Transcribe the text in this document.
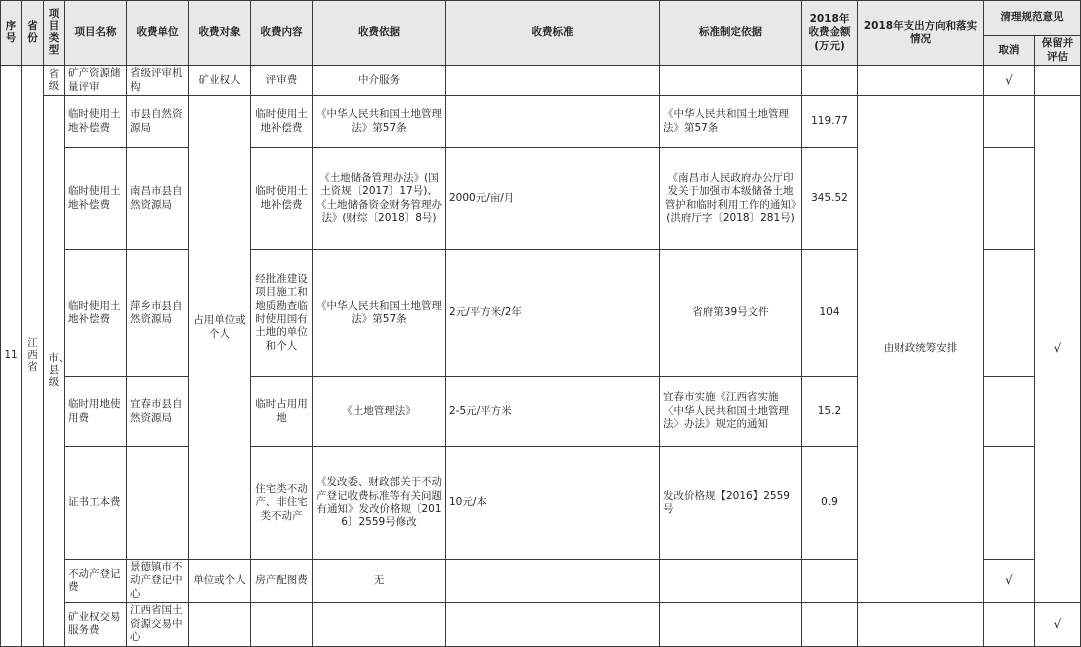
序号	省份	项目类型	项目名称	收费单位	收费对象	收费内容	收费依据	收费标准	标准制定依据	2018年收费金额(万元)	2018年支出方向和落实情况	清理规范意见	
												取消	保留并评估
11	江西省	省级	矿产资源储量评审	省级评审机构	矿业权人	评审费	中介服务					√	
		市、县级	临时使用土地补偿费	市县自然资源局	占用单位或个人	临时使用土地补偿费	《中华人民共和国土地管理法》第57条		《中华人民共和国土地管理法》第57条	119.77	由财政统筹安排		√
			临时使用土地补偿费	南昌市县自然资源局		临时使用土地补偿费	《土地储备管理办法》(国土资规〔2017〕17号)、《土地储备资金财务管理办法》(财综〔2018〕8号)	2000元/亩/月	《南昌市人民政府办公厅印发关于加强市本级储备土地管护和临时利用工作的通知》(洪府厅字〔2018〕281号)	345.52			
			临时使用土地补偿费	萍乡市县自然资源局		经批准建设项目施工和地质勘查临时使用国有土地的单位和个人	《中华人民共和国土地管理法》第57条	2元/平方米/2年	省府第39号文件	104			
			临时用地使用费	宜春市县自然资源局		临时占用用地	《土地管理法》	2-5元/平方米	宜春市实施《江西省实施〈中华人民共和国土地管理法〉办法》规定的通知	15.2			
			证书工本费			住宅类不动产、非住宅类不动产	《发改委、财政部关于不动产登记收费标准等有关问题有通知》发改价格规〔2016〕2559号修改	10元/本	发改价格规【2016】2559号	0.9			
			不动产登记费	景德镇市不动产登记中心	单位或个人	房产配图费	无					√	
			矿业权交易服务费	江西省国土资源交易中心									√
